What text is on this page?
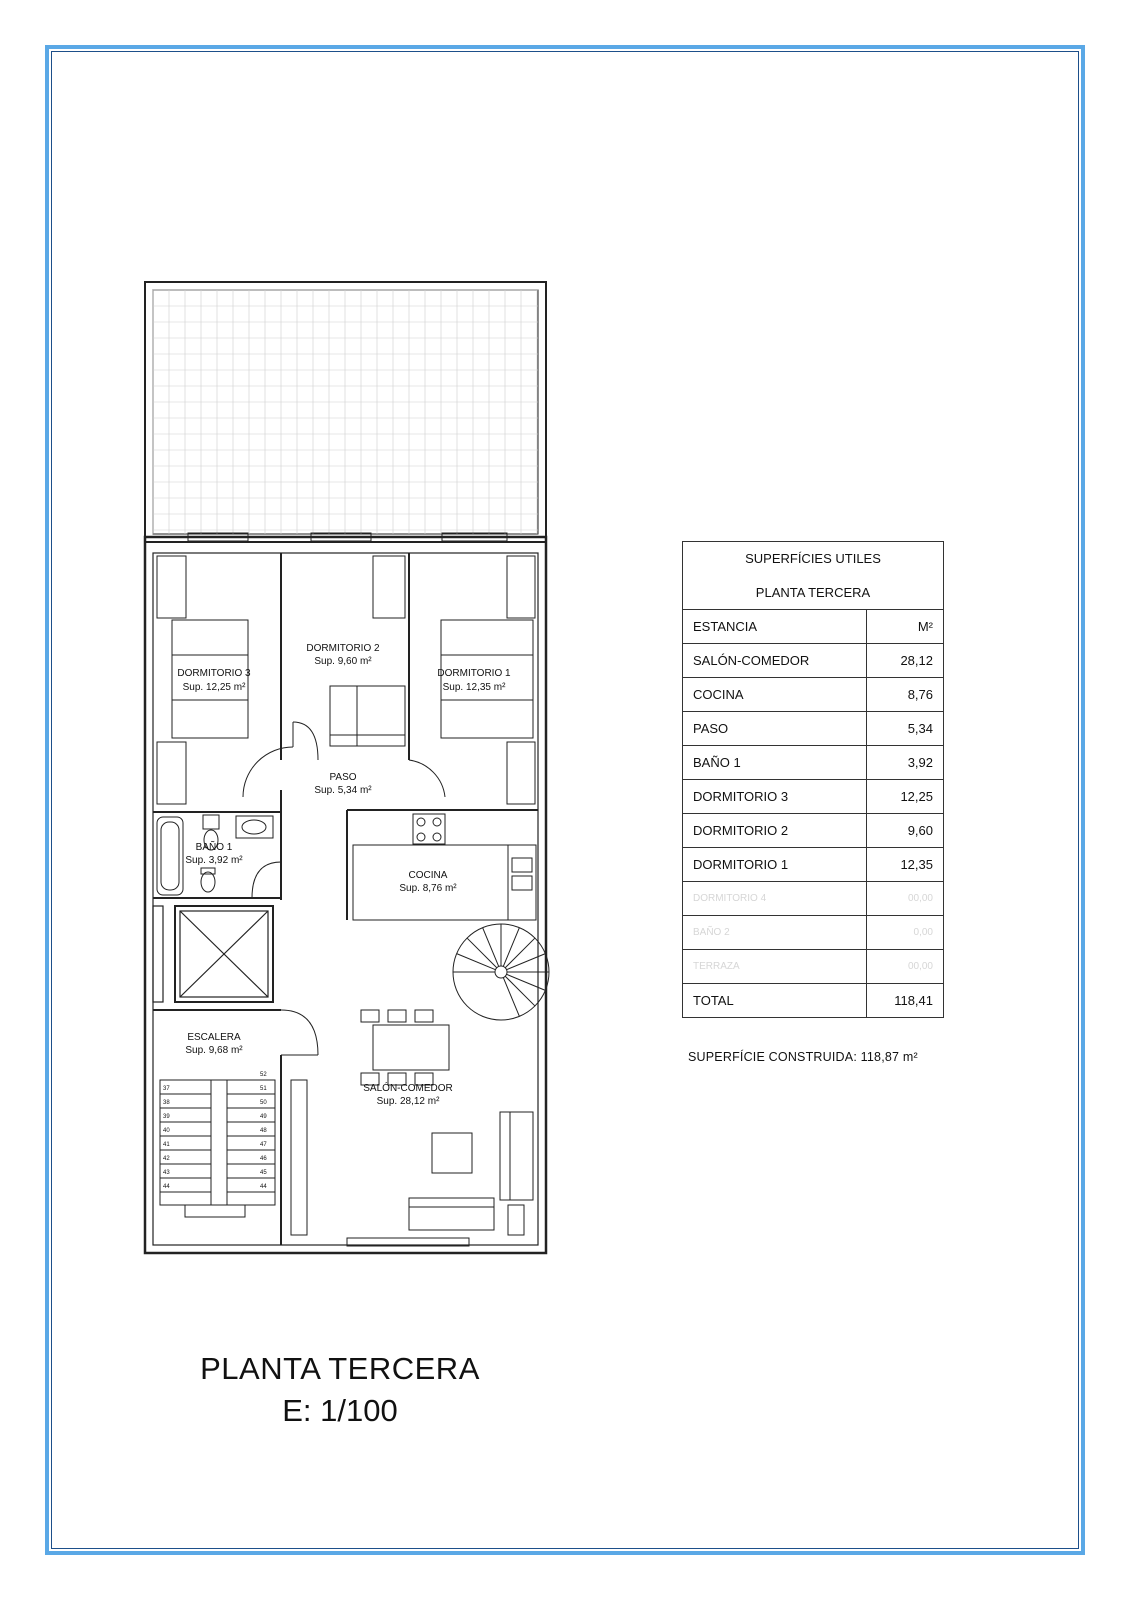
37
38
39
40
41
42
43
44
52
51
50
49
48
47
46
45
44
DORMITORIO 3
Sup. 12,25 m²
DORMITORIO 2
Sup. 9,60 m²
DORMITORIO 1
Sup. 12,35 m²
PASO
Sup. 5,34 m²
BAÑO 1
Sup. 3,92 m²
COCINA
Sup. 8,76 m²
ESCALERA
Sup. 9,68 m²
SALÓN-COMEDOR
Sup. 28,12 m²
SUPERFÍCIES UTILES	
PLANTA TERCERA	
ESTANCIA	M²
SALÓN-COMEDOR	28,12
COCINA	8,76
PASO	5,34
BAÑO 1	3,92
DORMITORIO 3	12,25
DORMITORIO 2	9,60
DORMITORIO 1	12,35
DORMITORIO 4	00,00
BAÑO 2	0,00
TERRAZA	00,00
TOTAL	118,41
SUPERFÍCIE CONSTRUIDA: 118,87 m²
PLANTA TERCERA
E: 1/100
